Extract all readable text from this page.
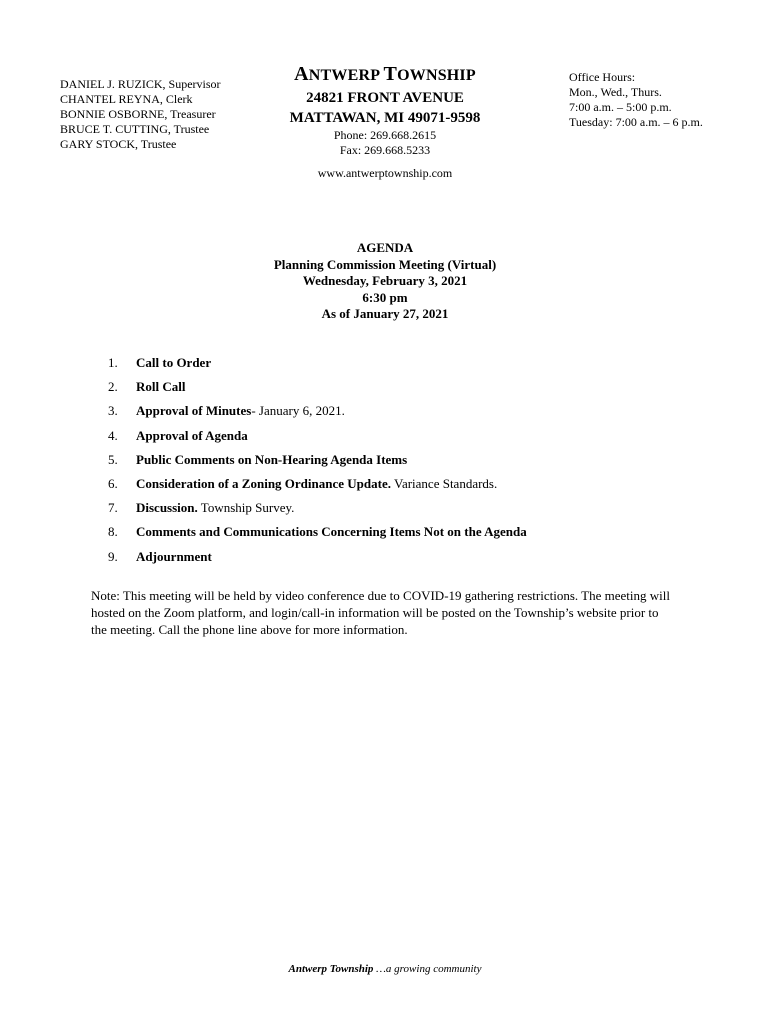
DANIEL J. RUZICK, Supervisor
CHANTEL REYNA, Clerk
BONNIE OSBORNE, Treasurer
BRUCE T. CUTTING, Trustee
GARY STOCK, Trustee
ANTWERP TOWNSHIP
24821 FRONT AVENUE
MATTAWAN, MI 49071-9598
Phone: 269.668.2615
Fax: 269.668.5233
www.antwerptownship.com
Office Hours:
Mon., Wed., Thurs.
7:00 a.m. – 5:00 p.m.
Tuesday: 7:00 a.m. – 6 p.m.
AGENDA
Planning Commission Meeting (Virtual)
Wednesday, February 3, 2021
6:30 pm
As of January 27, 2021
1. Call to Order
2. Roll Call
3. Approval of Minutes- January 6, 2021.
4. Approval of Agenda
5. Public Comments on Non-Hearing Agenda Items
6. Consideration of a Zoning Ordinance Update. Variance Standards.
7. Discussion. Township Survey.
8. Comments and Communications Concerning Items Not on the Agenda
9. Adjournment
Note: This meeting will be held by video conference due to COVID-19 gathering restrictions. The meeting will hosted on the Zoom platform, and login/call-in information will be posted on the Township’s website prior to the meeting. Call the phone line above for more information.
Antwerp Township …a growing community
